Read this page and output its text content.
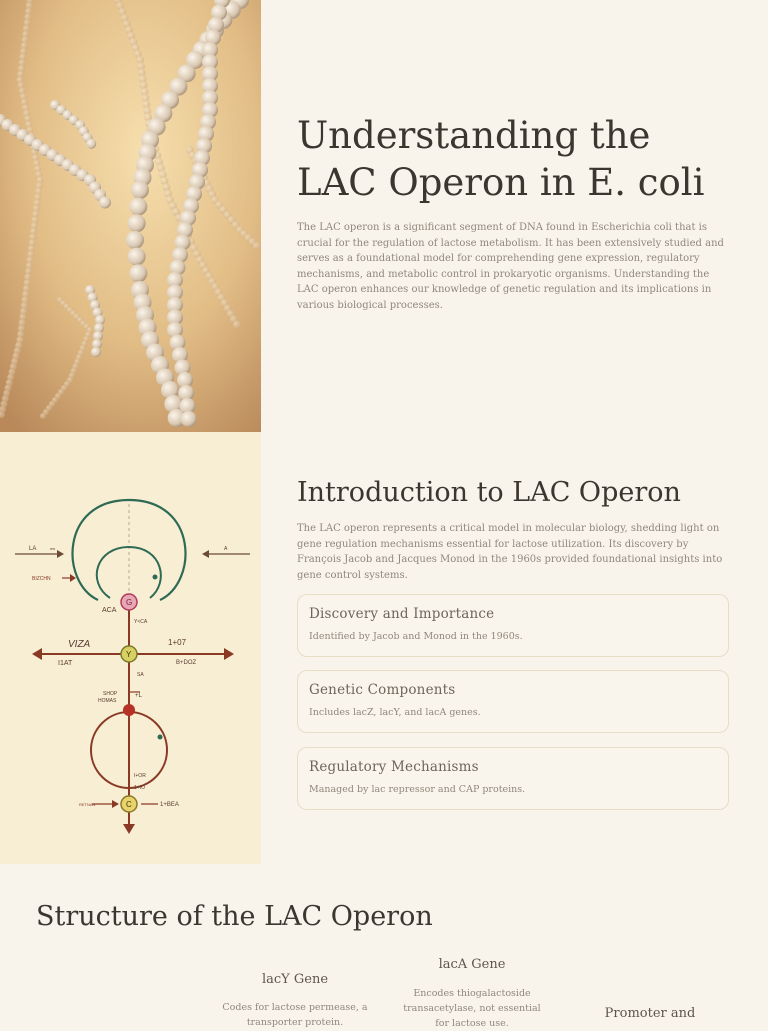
LA	nw	A
BIZCHN
ACA
G
Y<CA
VIZA	1+07
I1AT	B+DOZ
Y
SA
SHOP
HOMAS
+L
I+OR
1+IO
RETNAN	C	1+BEA
Understanding the LAC Operon in E. coli

The LAC operon is a significant segment of DNA found in Escherichia coli that is crucial for the regulation of lactose metabolism. It has been extensively studied and serves as a foundational model for comprehending gene expression, regulatory mechanisms, and metabolic control in prokaryotic organisms. Understanding the LAC operon enhances our knowledge of genetic regulation and its implications in various biological processes.

Introduction to LAC Operon

The LAC operon represents a critical model in molecular biology, shedding light on gene regulation mechanisms essential for lactose utilization. Its discovery by François Jacob and Jacques Monod in the 1960s provided foundational insights into gene control systems.

Discovery and Importance
Identified by Jacob and Monod in the 1960s.
Genetic Components
Includes lacZ, lacY, and lacA genes.
Regulatory Mechanisms
Managed by lac repressor and CAP proteins.
Structure of the LAC Operon
lacY Gene
Codes for lactose permease, a transporter protein.
lacA Gene
Encodes thiogalactoside transacetylase, not essential for lactose use.
Promoter and
